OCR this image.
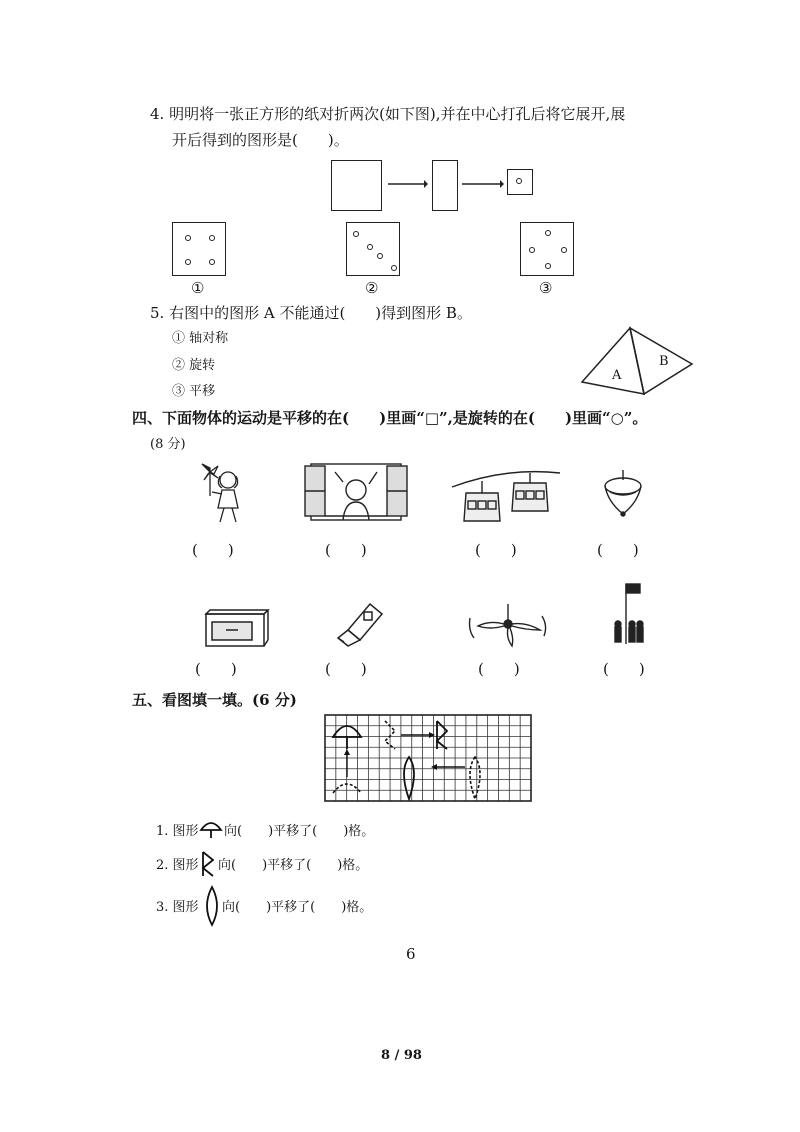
4. 明明将一张正方形的纸对折两次(如下图),并在中心打孔后将它展开,展
开后得到的图形是(　　)。
①	②	③
5. 右图中的图形 A 不能通过(　　)得到图形 B。
① 轴对称
② 旋转
③ 平移
A
B
四、下面物体的运动是平移的在(　　)里画“□”,是旋转的在(　　)里画“○”。
(8 分)
(　　)	(　　)	(　　)	(　　)
(　　)	(　　)	(　　)	(　　)
五、看图填一填。(6 分)
1. 图形 向(　　)平移了(　　)格。
2. 图形 向(　　)平移了(　　)格。
3. 图形 向(　　)平移了(　　)格。
6
8 / 98
